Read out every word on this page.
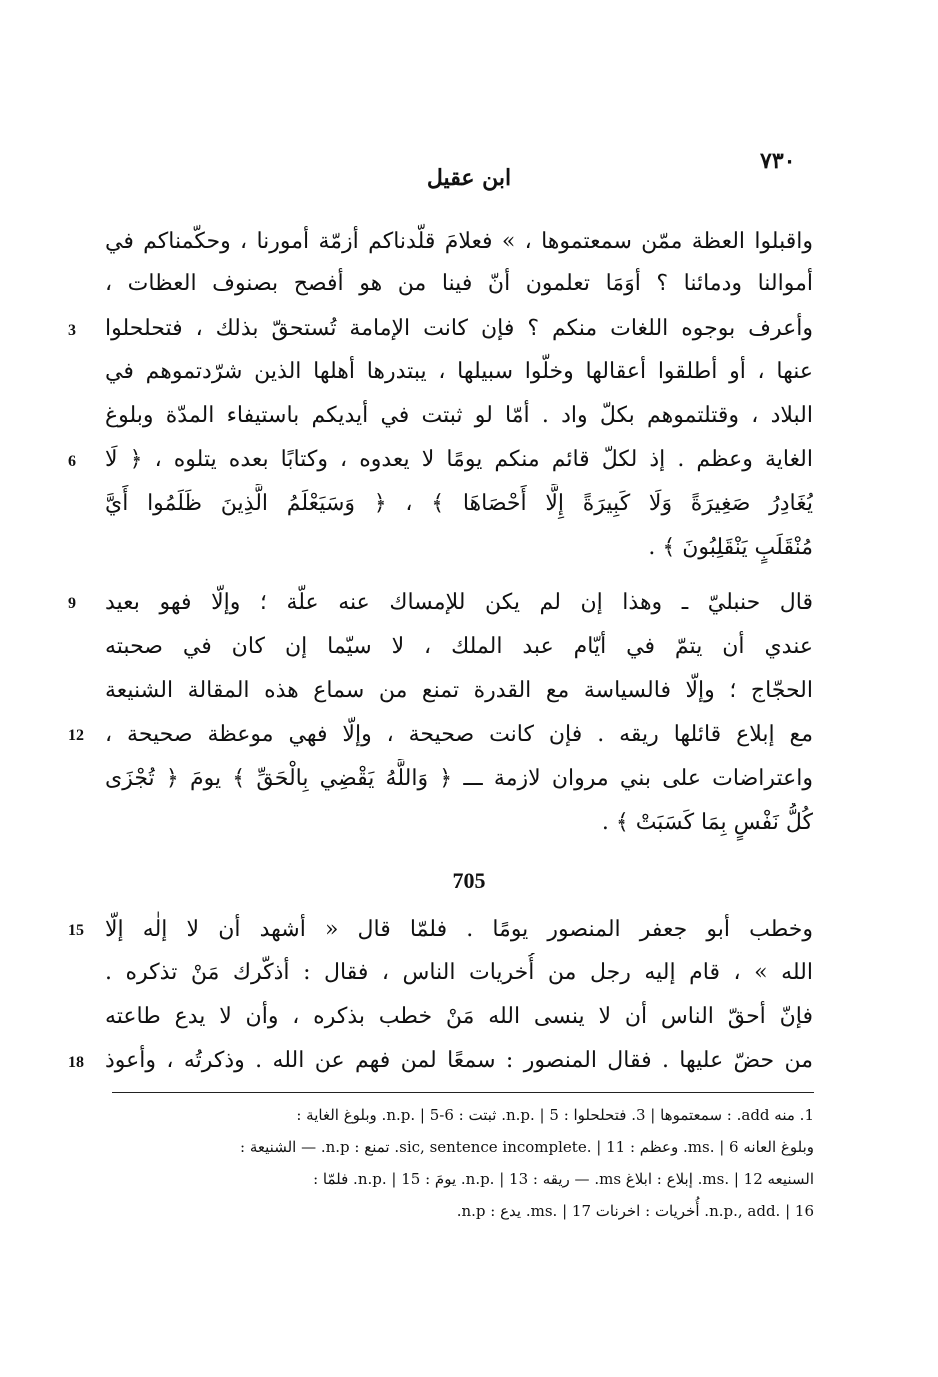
٧٣٠
ابن عقيل
واقبلوا العظة ممّن سمعتموها ، » فعلامَ قلّدناكم أزمّة أمورنا ، وحكّمناكم في
أموالنا ودمائنا ؟ أوَمَا تعلمون أنّ فينا من هو أفصح بصنوف العظات ،
وأعرف بوجوه اللغات منكم ؟ فإن كانت الإمامة تُستحقّ بذلك ، فتحلحلوا
عنها ، أو أطلقوا أعقالها وخلّوا سبيلها ، يبتدرها أهلها الذين شرّدتموهم في
البلاد ، وقتلتموهم بكلّ واد . أمّا لو ثبتت في أيديكم باستيفاء المدّة وبلوغ
الغاية وعظم . إذ لكلّ قائم منكم يومًا لا يعدوه ، وكتابًا بعده يتلوه ، ﴿ لَا
يُغَادِرُ صَغِيرَةً وَلَا كَبِيرَةً إِلَّا أَحْصَاهَا ﴾ ، ﴿ وَسَيَعْلَمُ الَّذِينَ ظَلَمُوا أَيَّ
مُنْقَلَبٍ يَنْقَلِبُونَ ﴾ .
قال حنبليّ ـ وهذا إن لم يكن للإمساك عنه علّة ؛ وإلّا فهو بعيد
عندي أن يتمّ في أيّام عبد الملك ، لا سيّما إن كان في صحبته
الحجّاج ؛ وإلّا فالسياسة مع القدرة تمنع من سماع هذه المقالة الشنيعة
مع إبلاع قائلها ريقه . فإن كانت صحيحة ، وإلّا فهي موعظة صحيحة ،
واعتراضات على بني مروان لازمة ـــ ﴿ وَاللَّهُ يَقْضِي بِالْحَقِّ ﴾ يومَ ﴿ تُجْزَى
كُلُّ نَفْسٍ بِمَا كَسَبَتْ ﴾ .
705
وخطب أبو جعفر المنصور يومًا . فلمّا قال « أشهد أن لا إلٰه إلّا
الله » ، قام إليه رجل من أُخريات الناس ، فقال : أذكّرك مَنْ تذكره .
فإنّ أحقّ الناس أن لا ينسى الله مَنْ خطب بذكره ، وأن لا يدع طاعته
من حضّ عليها . فقال المنصور : سمعًا لمن فهم عن الله . وذكرتُه ، وأعوذ
3
6
9
12
15
18
1. منه add. : سمعتموها | 3. فتحلحلوا : n.p. | 5. ثبتت : n.p. | 5-6. وبلوغ الغاية :
وبلوغ العانه ms. | 6. وعظم : sic, sentence incomplete. | 11. تمنع : n.p. — الشنيعة :
السنيعه ms. | 12. إبلاع : ابلاغ ms. — ريقه : n.p. | 13. يومَ : n.p. | 15. فلمّا :
n.p., add. | 16. أُخريات : اخرنات ms. | 17. يدع : n.p.
